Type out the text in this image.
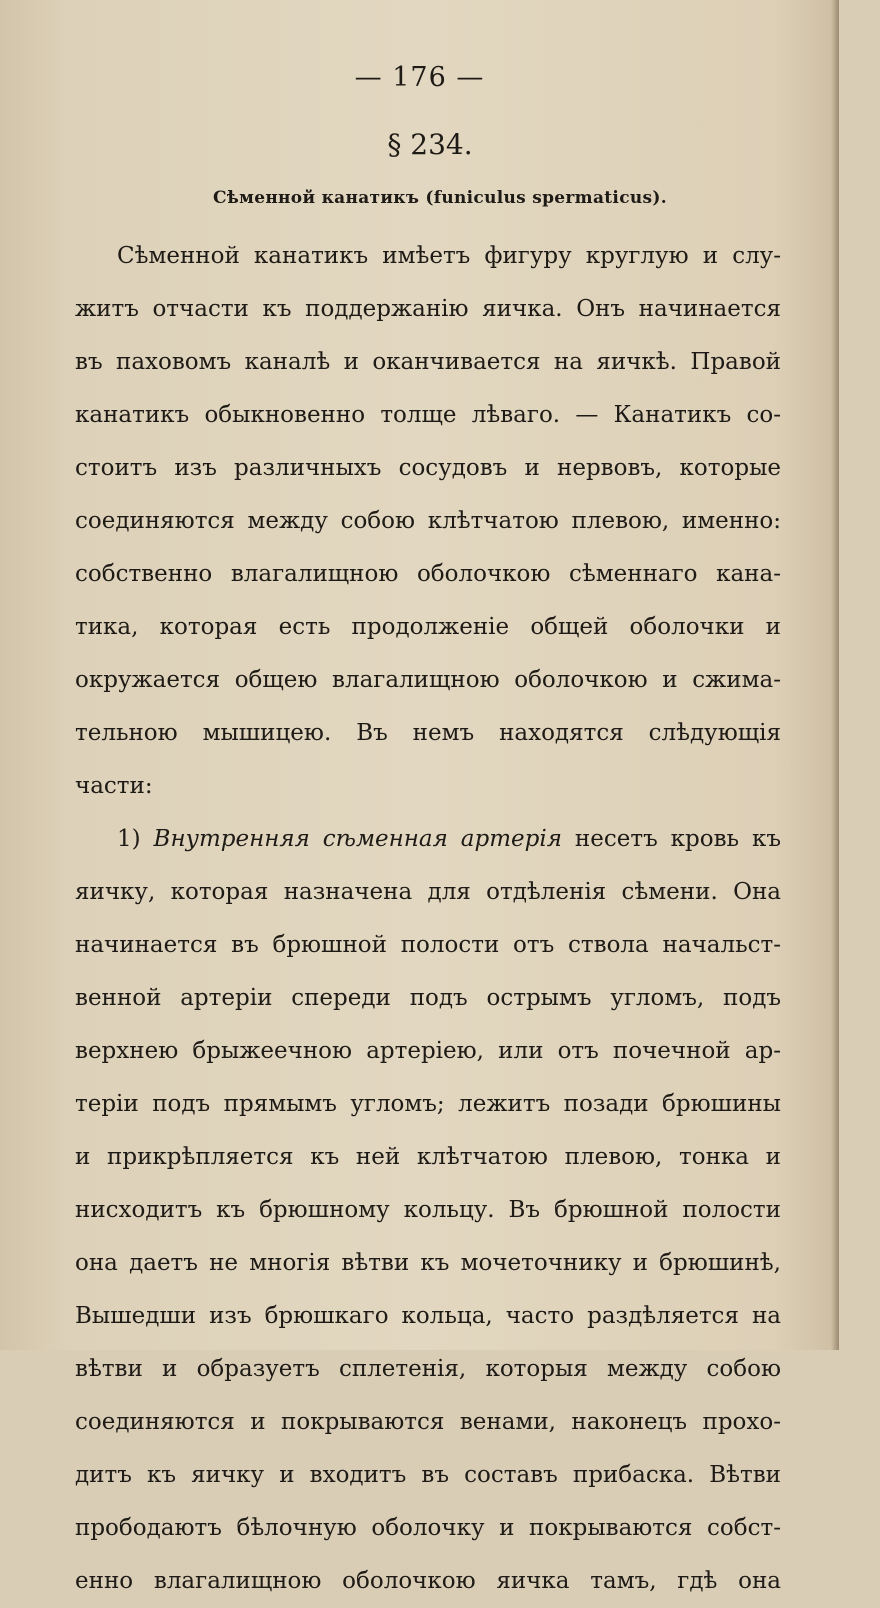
— 176 —
§ 234.
Сѣменной канатикъ (funiculus spermaticus).
Сѣменной канатикъ имѣетъ фигуру круглую и слу-
житъ отчасти къ поддержанію яичка. Онъ начинается
въ паховомъ каналѣ и оканчивается на яичкѣ. Правой
канатикъ обыкновенно толще лѣваго. — Канатикъ со-
стоитъ изъ различныхъ сосудовъ и нервовъ, которые
соединяются между собою клѣтчатою плевою, именно:
собственно влагалищною оболочкою сѣменнаго кана-
тика, которая есть продолженіе общей оболочки и
окружается общею влагалищною оболочкою и сжима-
тельною мышицею. Въ немъ находятся слѣдующія
части:
1) Внутренняя сѣменная артерія несетъ кровь къ
яичку, которая назначена для отдѣленія сѣмени. Она
начинается въ брюшной полости отъ ствола начальст-
венной артеріи спереди подъ острымъ угломъ, подъ
верхнею брыжеечною артеріею, или отъ почечной ар-
теріи подъ прямымъ угломъ; лежитъ позади брюшины
и прикрѣпляется къ ней клѣтчатою плевою, тонка и
нисходитъ къ брюшному кольцу. Въ брюшной полости
она даетъ не многія вѣтви къ мочеточнику и брюшинѣ,
Вышедши изъ брюшкаго кольца, часто раздѣляется на
вѣтви и образуетъ сплетенія, которыя между собою
соединяются и покрываются венами, наконецъ прохо-
дитъ къ яичку и входитъ въ составъ прибаска. Вѣтви
прободаютъ бѣлочную оболочку и покрываются собст-
енно влагалищною оболочкою яичка тамъ, гдѣ она
